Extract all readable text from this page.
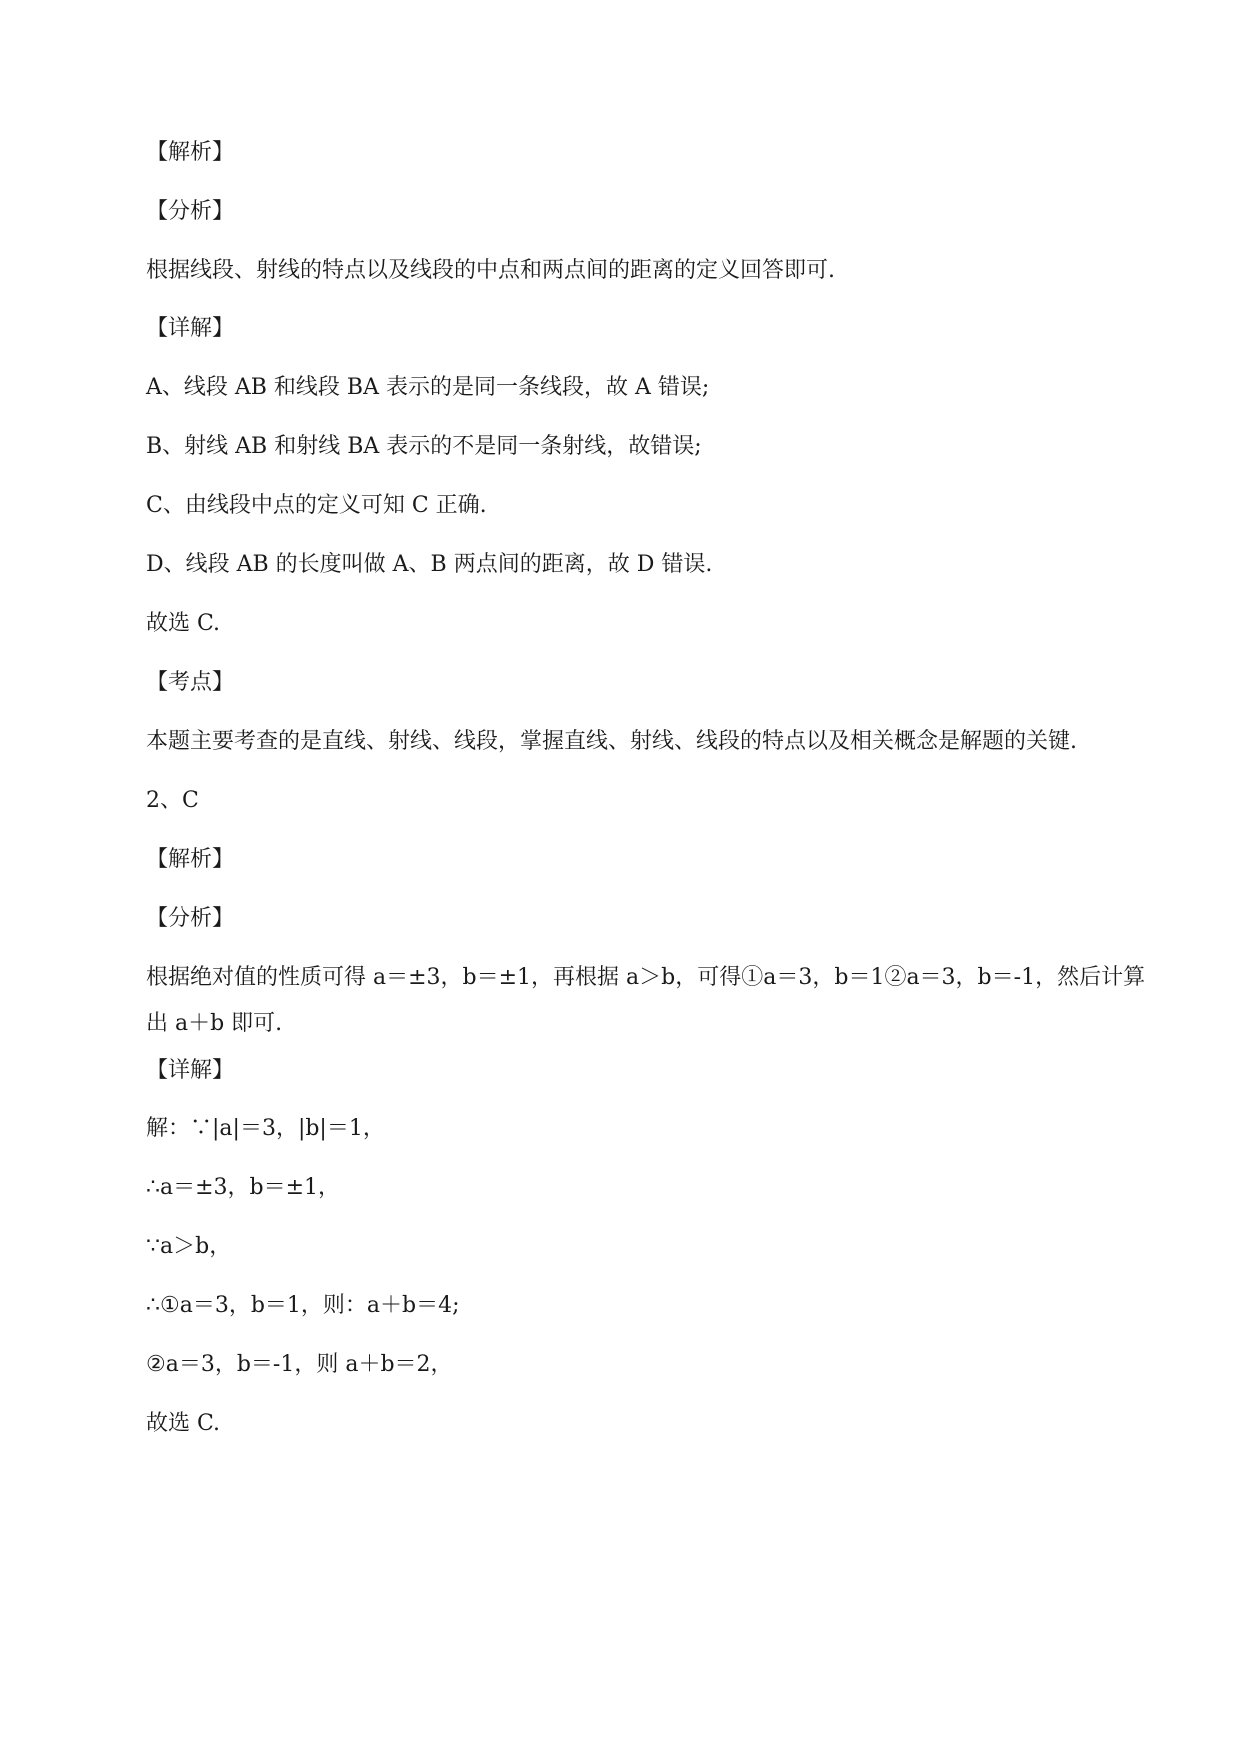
【解析】
【分析】
根据线段、射线的特点以及线段的中点和两点间的距离的定义回答即可.
【详解】
A、线段 AB 和线段 BA 表示的是同一条线段，故 A 错误;
B、射线 AB 和射线 BA 表示的不是同一条射线，故错误;
C、由线段中点的定义可知 C 正确.
D、线段 AB 的长度叫做 A、B 两点间的距离，故 D 错误.
故选 C.
【考点】
本题主要考查的是直线、射线、线段，掌握直线、射线、线段的特点以及相关概念是解题的关键.
2、C
【解析】
【分析】
根据绝对值的性质可得 a＝±3，b＝±1，再根据 a＞b，可得①a＝3，b＝1②a＝3，b＝-1，然后计算出 a＋b 即可.
【详解】
解：∵|a|＝3，|b|＝1，
∴a＝±3，b＝±1，
∵a＞b，
∴①a＝3，b＝1，则：a＋b＝4;
②a＝3，b＝-1，则 a＋b＝2，
故选 C.
